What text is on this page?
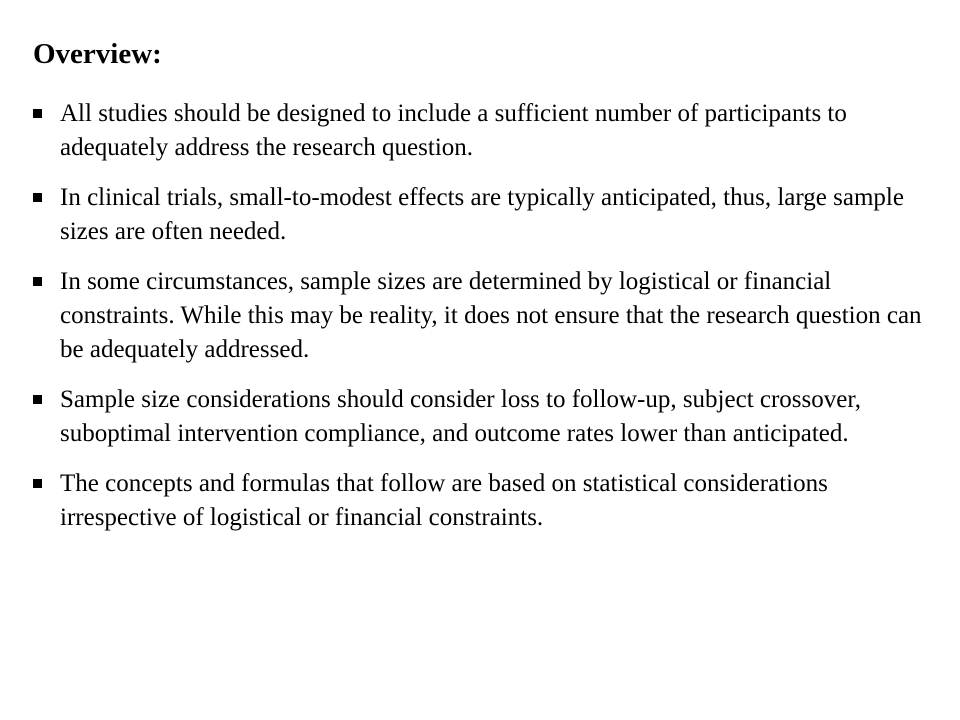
Overview:
All studies should be designed to include a sufficient number of participants to adequately address the research question.
In clinical trials, small-to-modest effects are typically anticipated, thus, large sample sizes are often needed.
In some circumstances, sample sizes are determined by logistical or financial constraints. While this may be reality, it does not ensure that the research question can be adequately addressed.
Sample size considerations should consider loss to follow-up, subject crossover, suboptimal intervention compliance, and outcome rates lower than anticipated.
The concepts and formulas that follow are based on statistical considerations irrespective of logistical or financial constraints.
